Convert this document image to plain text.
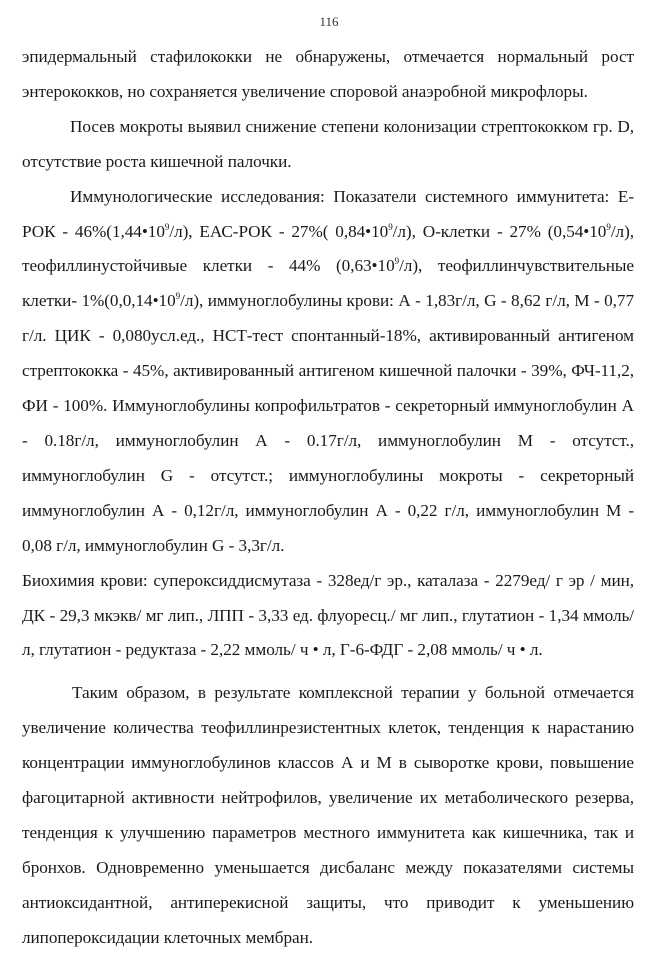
116

эпидермальный стафилококки не обнаружены, отмечается нормальный рост энтерококков, но сохраняется увеличение споровой анаэробной микрофлоры.

Посев мокроты выявил снижение степени колонизации стрептококком гр. D, отсутствие роста кишечной палочки.

Иммунологические исследования: Показатели системного иммунитета: $Е-РОК - 46\%(1,44•10^9/л)$, ЕАС-РОК - 27%( $0,84•10^9/л$), О-клетки - 27% $(0,54•10^9/л)$, теофиллинустойчивые клетки - 44% $(0,63•10^9/л)$, теофиллинчувствительные клетки- $1\%(0,0,14•10^9/л)$, иммуноглобулины крови: А - 1,83г/л, G - 8,62 г/л, М - 0,77 г/л. ЦИК - 0,080усл.ед., НСТ-тест спонтанный-18%, активированный антигеном стрептококка - 45%, активированный антигеном кишечной палочки - 39%, ФЧ-11,2, ФИ - 100%. Иммуноглобулины копрофильтратов - секреторный иммуноглобулин А - 0.18г/л, иммуноглобулин А - 0.17г/л, иммуноглобулин М - отсутст., иммуноглобулин G - отсутст.; иммуноглобулины мокроты - секреторный иммуноглобулин А - 0,12г/л, иммуноглобулин А - 0,22 г/л, иммуноглобулин М - 0,08 г/л, иммуноглобулин G - 3,3г/л.

Биохимия крови: супероксиддисмутаза - 328ед/г эр., каталаза - 2279ед/ г эр / мин, ДК - 29,3 мкэкв/ мг лип., ЛПП - 3,33 ед. флуоресц./ мг лип., глутатион - 1,34 ммоль/л, глутатион - редуктаза - 2,22 ммоль/ ч • л, Г-6-ФДГ - 2,08 ммоль/ ч • л.

Таким образом, в результате комплексной терапии у больной отмечается увеличение количества теофиллинрезистентных клеток, тенденция к нарастанию концентрации иммуноглобулинов классов А и М в сыворотке крови, повышение фагоцитарной активности нейтрофилов, увеличение их метаболического резерва, тенденция к улучшению параметров местного иммунитета как кишечника, так и бронхов. Одновременно уменьшается дисбаланс между показателями системы антиоксидантной, антиперекисной защиты, что приводит к уменьшению липопероксидации клеточных мембран.
